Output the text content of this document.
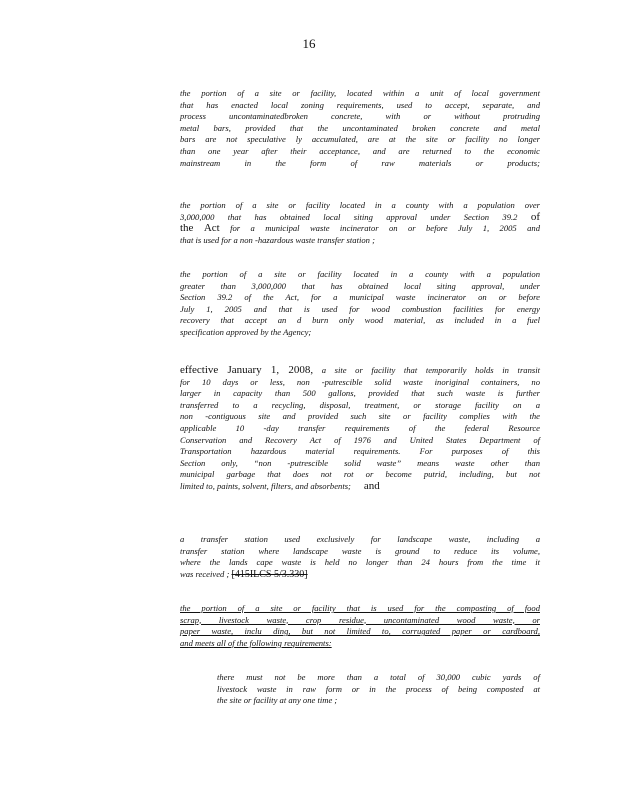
16
the portion of a site or facility, located within a unit of local government
that has enacted local zoning requirements, used to accept, separate, and
process uncontaminatedbroken concrete, with or without protruding
metal bars, provided that the uncontaminated broken concrete and metal
bars are not speculative ly accumulated, are at the site or facility no longer
than one year after their acceptance, and are returned to the economic
mainstream in the form of raw materials or products;
the portion of a site or facility located in a county with a population over
3,000,000 that has obtained local siting approval under Section 39.2 of
the Act for a municipal waste incinerator on or before July 1, 2005 and
that is used for a non -hazardous waste transfer station ;
the portion of a site or facility located in a county with a population
greater than 3,000,000 that has obtained local siting approval, under
Section 39.2 of the Act, for a municipal waste incinerator on or before
July 1, 2005 and that is used for wood combustion facilities for energy
recovery that accept an d burn only wood material, as included in a fuel
specification approved by the Agency;
effective January 1, 2008, a site or facility that temporarily holds in transit
for 10 days or less, non -putrescible solid waste inoriginal containers, no
larger in capacity than 500 gallons, provided that such waste is further
transferred to a recycling, disposal, treatment, or storage facility on a
non -contiguous site and provided such site or facility complies with the
applicable 10 -day transfer requirements of the federal Resource
Conservation and Recovery Act of 1976 and United States Department of
Transportation hazardous material requirements. For purposes of this
Section only, “non -putrescible solid waste” means waste other than
municipal garbage that does not rot or become putrid, including, but not
limited to, paints, solvent, filters, and absorbents; and
a transfer station used exclusively for landscape waste, including a
transfer station where landscape waste is ground to reduce its volume,
where the lands cape waste is held no longer than 24 hours from the time it
was received ; [415ILCS 5/3.330]
the portion of a site or facility that is used for the composting of food
scrap, livestock waste, crop residue, uncontaminated wood waste, or
paper waste, inclu ding, but not limited to, corrugated paper or cardboard,
and meets all of the following requirements:
there must not be more than a total of 30,000 cubic yards of
livestock waste in raw form or in the process of being composted at
the site or facility at any one time ;
